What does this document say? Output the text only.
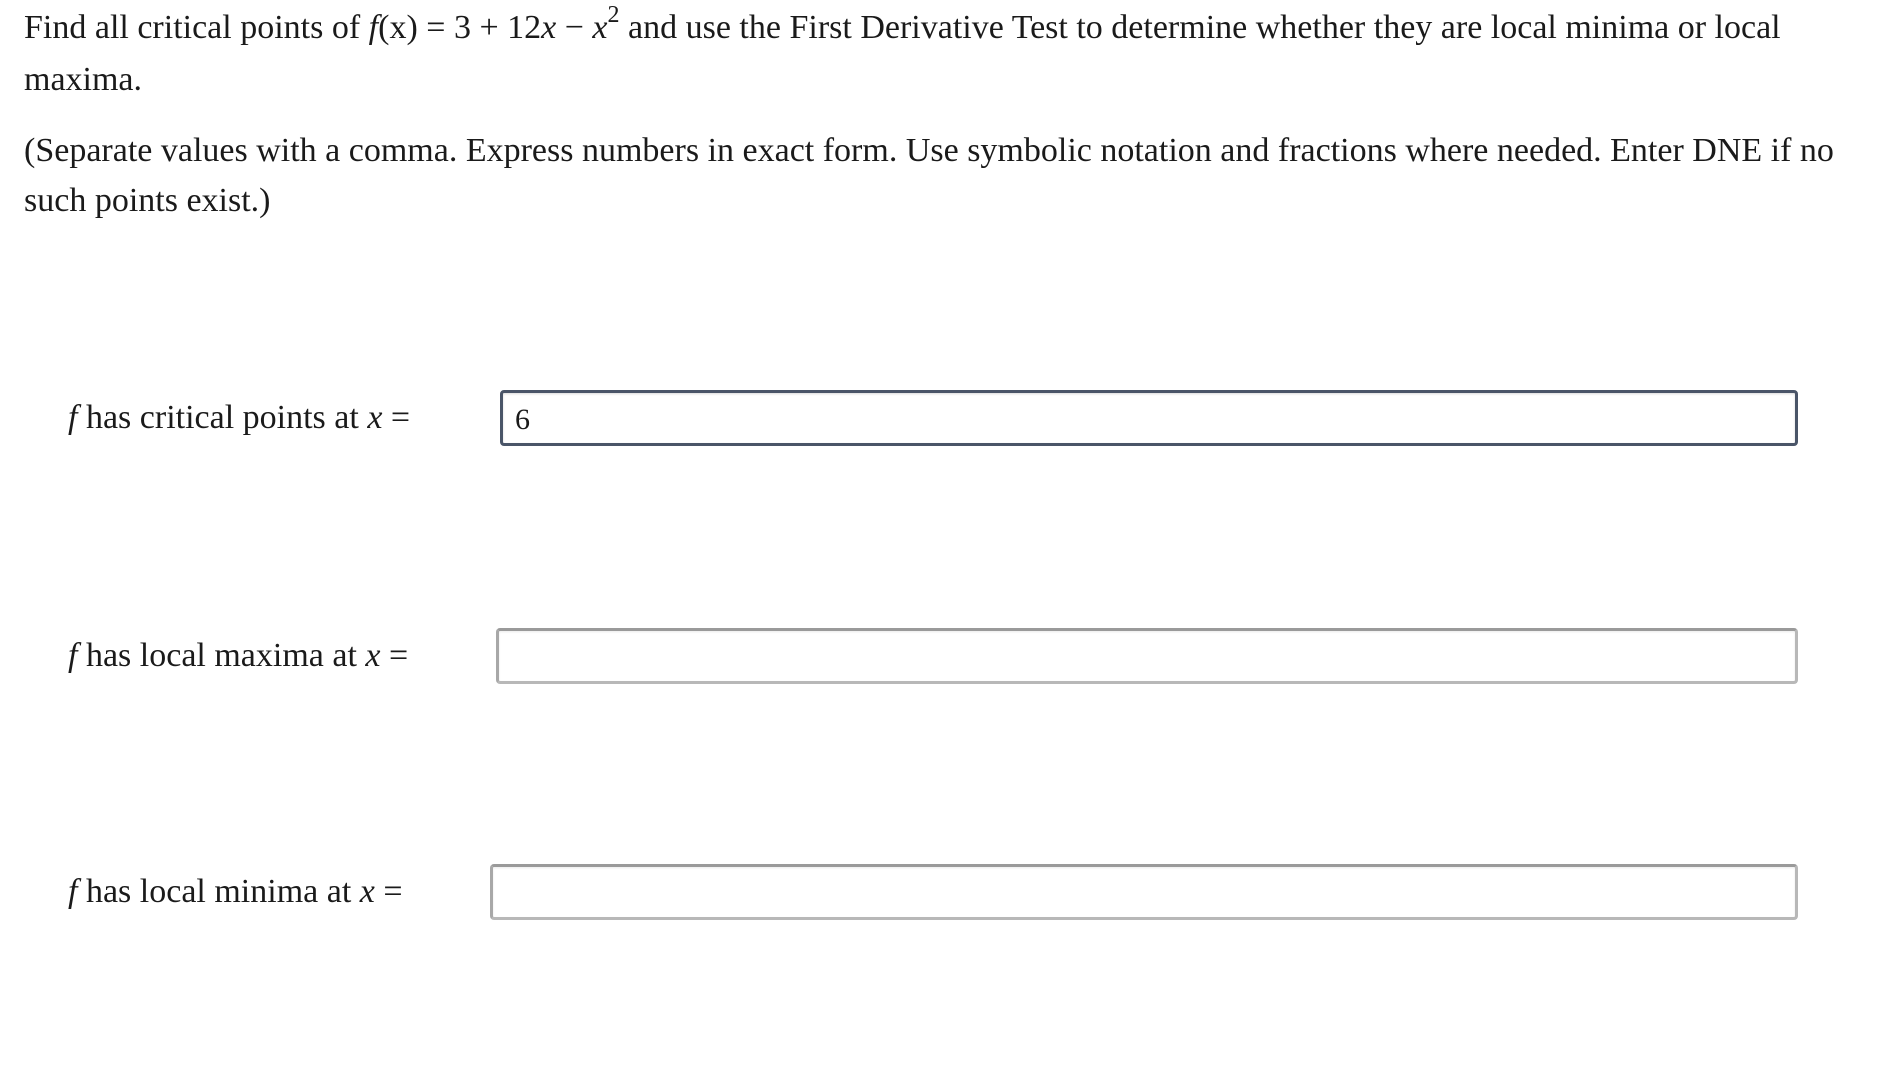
Find all critical points of $f(x) = 3 + 12x - x^2$ and use the First Derivative Test to determine whether they are local minima or local maxima.

(Separate values with a comma. Express numbers in exact form. Use symbolic notation and fractions where needed. Enter DNE if no such points exist.)

f has critical points at x =
6
f has local maxima at x =
f has local minima at x =
